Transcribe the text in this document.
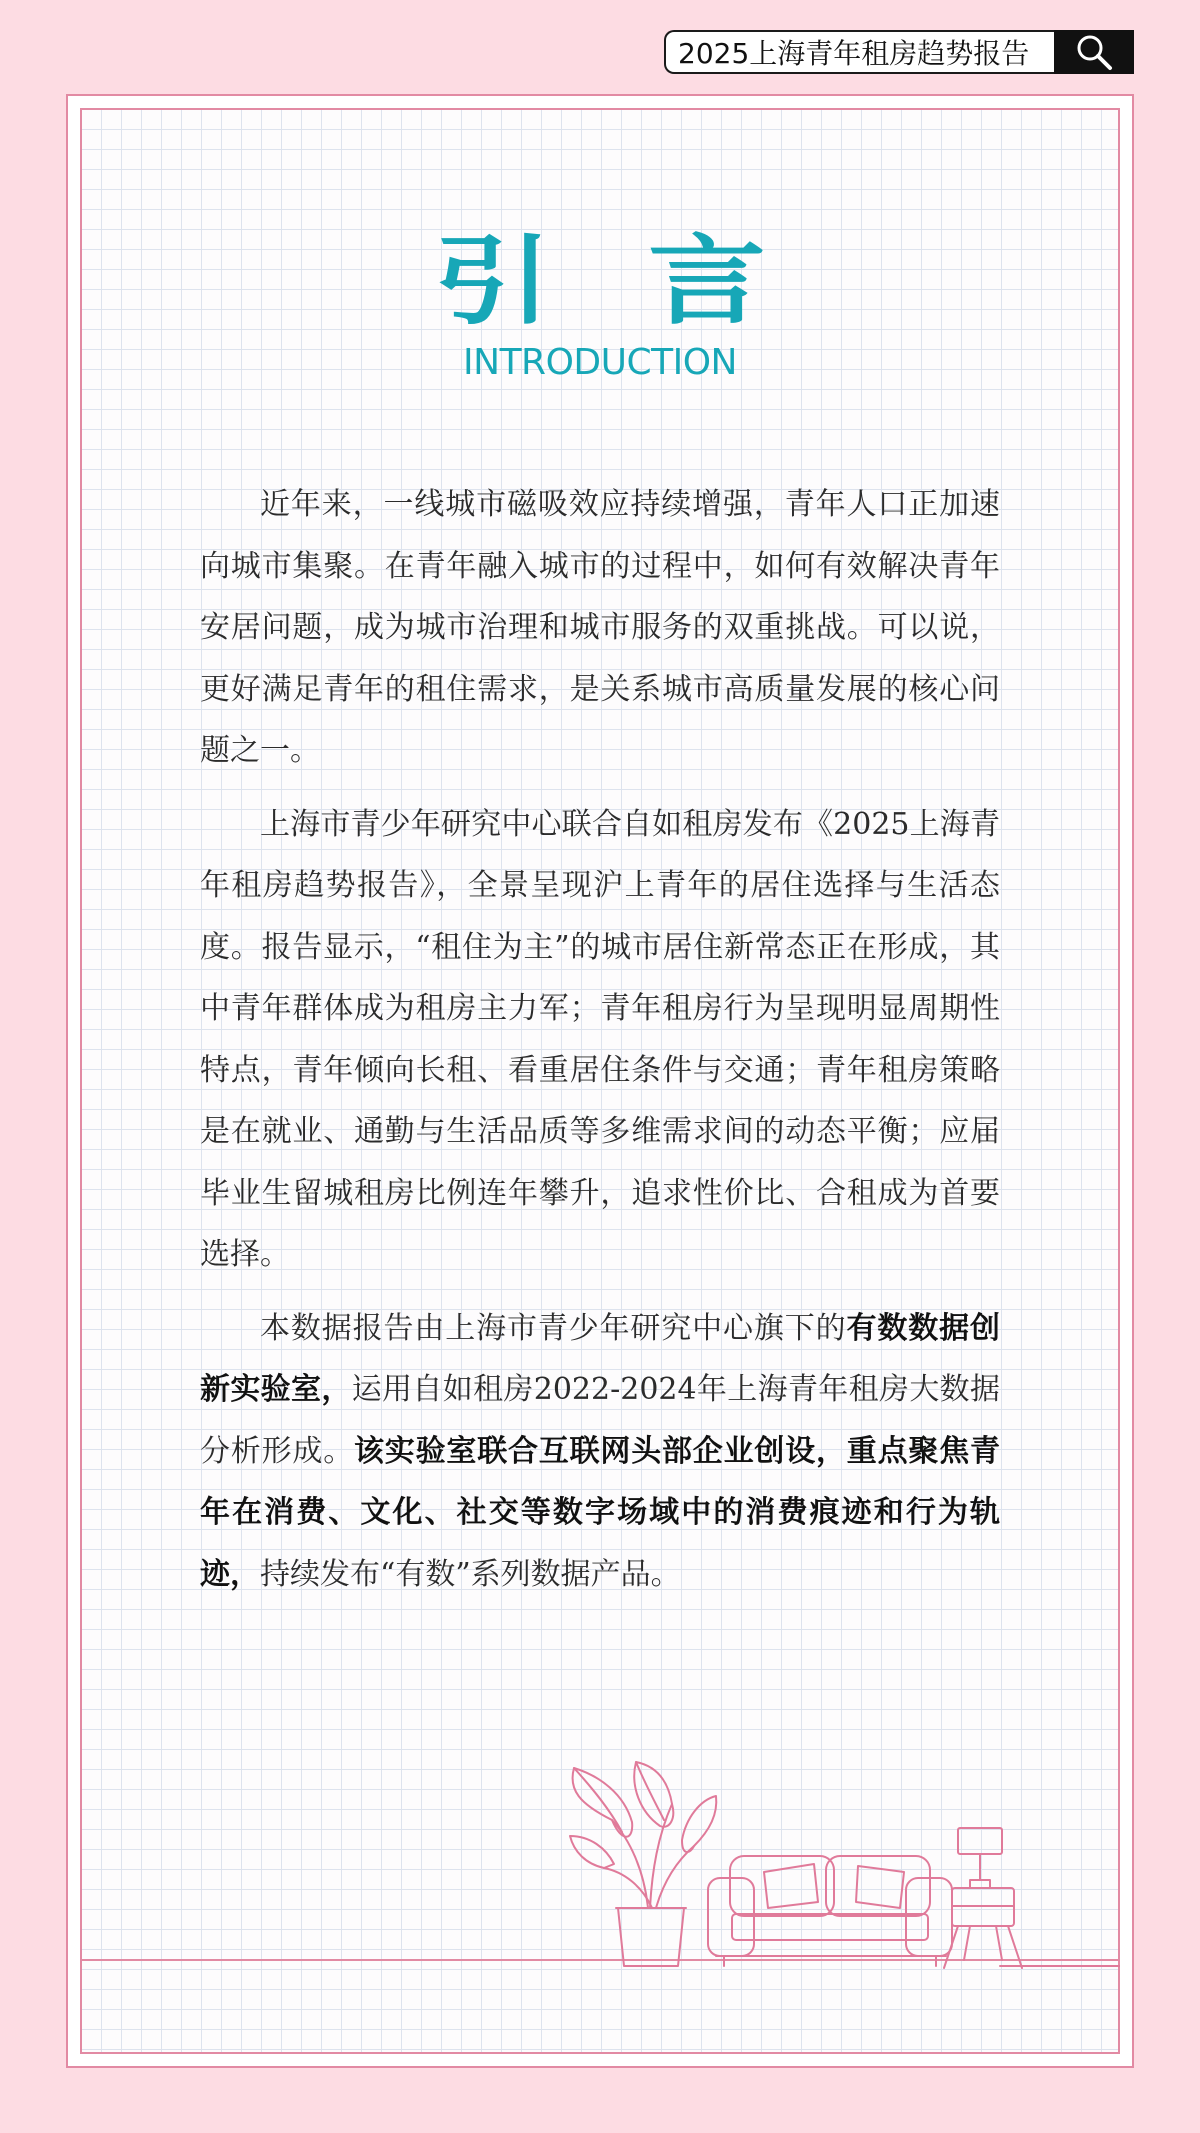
2025上海青年租房趋势报告
引 言
INTRODUCTION

近年来，一线城市磁吸效应持续增强，青年人口正加速向城市集聚。在青年融入城市的过程中，如何有效解决青年安居问题，成为城市治理和城市服务的双重挑战。可以说，更好满足青年的租住需求，是关系城市高质量发展的核心问题之一。

上海市青少年研究中心联合自如租房发布《2025上海青年租房趋势报告》，全景呈现沪上青年的居住选择与生活态度。报告显示，“租住为主”的城市居住新常态正在形成，其中青年群体成为租房主力军；青年租房行为呈现明显周期性特点，青年倾向长租、看重居住条件与交通；青年租房策略是在就业、通勤与生活品质等多维需求间的动态平衡；应届毕业生留城租房比例连年攀升，追求性价比、合租成为首要选择。

本数据报告由上海市青少年研究中心旗下的有数数据创新实验室，运用自如租房2022-2024年上海青年租房大数据分析形成。该实验室联合互联网头部企业创设，重点聚焦青年在消费、文化、社交等数字场域中的消费痕迹和行为轨迹，持续发布“有数”系列数据产品。
